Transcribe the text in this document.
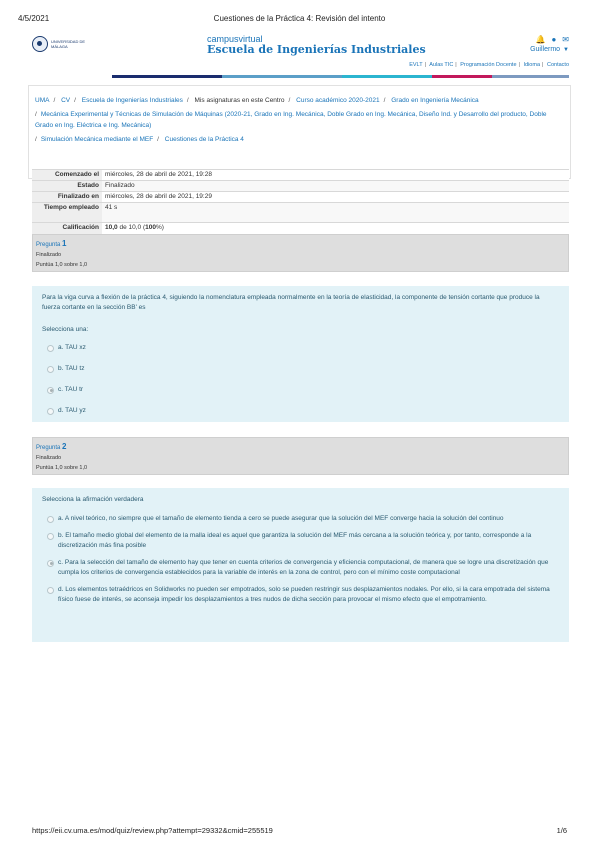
4/5/2021	Cuestiones de la Práctica 4: Revisión del intento
UNIVERSIDAD DE MÁLAGA
campusvirtual
Escuela de Ingenierías Industriales
🔔 ● ✉
Guillermo ▼
EVLT | Aulas TIC | Programación Docente | Idioma | Contacto
UMA / CV / Escuela de Ingenierías Industriales / Mis asignaturas en este Centro / Curso académico 2020-2021 / Grado en Ingeniería Mecánica
/ Mecánica Experimental y Técnicas de Simulación de Máquinas (2020-21, Grado en Ing. Mecánica, Doble Grado en Ing. Mecánica, Diseño Ind. y Desarrollo del producto, Doble Grado en Ing. Eléctrica e Ing. Mecánica)
/ Simulación Mecánica mediante el MEF / Cuestiones de la Práctica 4
Comenzado el	miércoles, 28 de abril de 2021, 19:28
Estado	Finalizado
Finalizado en	miércoles, 28 de abril de 2021, 19:29
Tiempo empleado	41 s
Calificación	10,0 de 10,0 (100%)
Pregunta 1
Finalizado
Puntúa 1,0 sobre 1,0
Para la viga curva a flexión de la práctica 4, siguiendo la nomenclatura empleada normalmente en la teoría de elasticidad, la componente de tensión cortante que produce la fuerza cortante en la sección BB' es
Selecciona una:
a. TAU xz
b. TAU tz
c. TAU tr
d. TAU yz
Pregunta 2
Finalizado
Puntúa 1,0 sobre 1,0
Selecciona la afirmación verdadera
a. A nivel teórico, no siempre que el tamaño de elemento tienda a cero se puede asegurar que la solución del MEF converge hacia la solución del continuo
b. El tamaño medio global del elemento de la malla ideal es aquel que garantiza la solución del MEF más cercana a la solución teórica y, por tanto, corresponde a la discretización más fina posible
c. Para la selección del tamaño de elemento hay que tener en cuenta criterios de convergencia y eficiencia computacional, de manera que se logre una discretización que cumpla los criterios de convergencia establecidos para la variable de interés en la zona de control, pero con el mínimo coste computacional
d. Los elementos tetraédricos en Solidworks no pueden ser empotrados, solo se pueden restringir sus desplazamientos nodales. Por ello, si la cara empotrada del sistema físico fuese de interés, se aconseja impedir los desplazamientos a tres nudos de dicha sección para provocar el mismo efecto que el empotramiento.
https://eii.cv.uma.es/mod/quiz/review.php?attempt=29332&cmid=255519	1/6
